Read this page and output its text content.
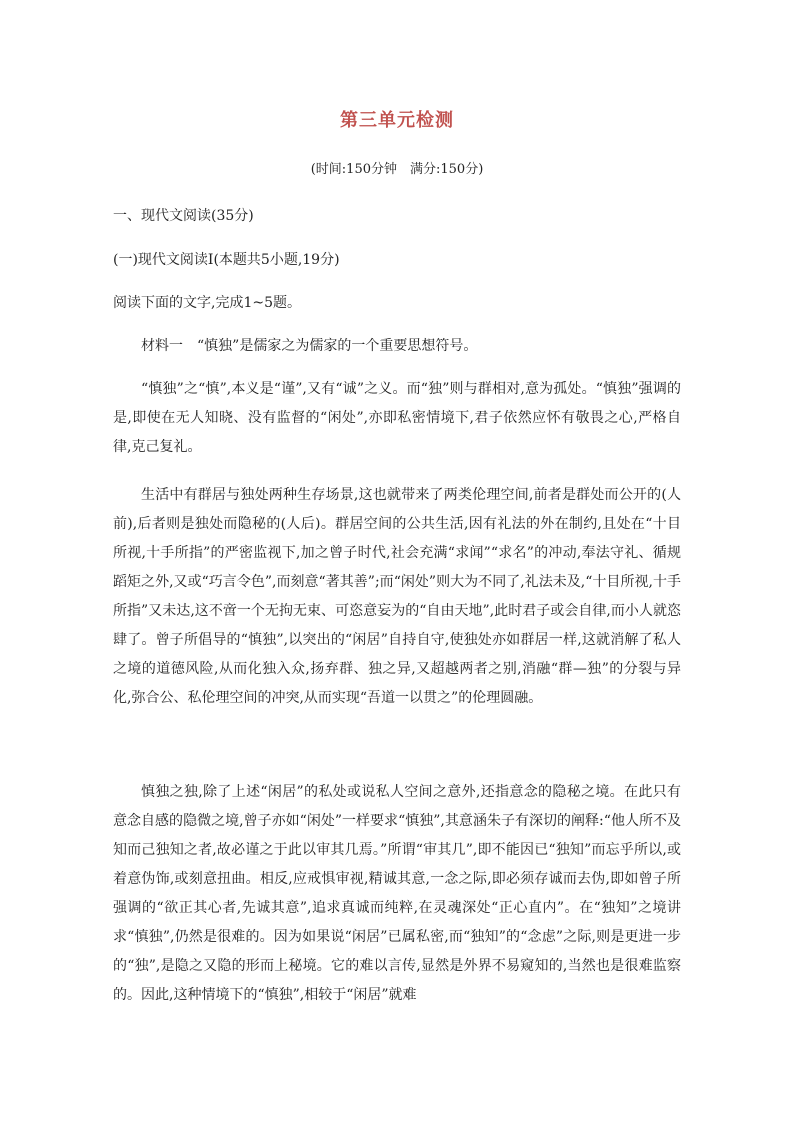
第三单元检测
(时间:150分钟　满分:150分)
一、现代文阅读(35分)
(一)现代文阅读Ⅰ(本题共5小题,19分)
阅读下面的文字,完成1~5题。
材料一　“慎独”是儒家之为儒家的一个重要思想符号。
“慎独”之“慎”,本义是“谨”,又有“诚”之义。而“独”则与群相对,意为孤处。“慎独”强调的是,即使在无人知晓、没有监督的“闲处”,亦即私密情境下,君子依然应怀有敬畏之心,严格自律,克己复礼。
生活中有群居与独处两种生存场景,这也就带来了两类伦理空间,前者是群处而公开的(人前),后者则是独处而隐秘的(人后)。群居空间的公共生活,因有礼法的外在制约,且处在“十目所视,十手所指”的严密监视下,加之曾子时代,社会充满“求闻”“求名”的冲动,奉法守礼、循规蹈矩之外,又或“巧言令色”,而刻意“著其善”;而“闲处”则大为不同了,礼法未及,“十目所视,十手所指”又未达,这不啻一个无拘无束、可恣意妄为的“自由天地”,此时君子或会自律,而小人就恣肆了。曾子所倡导的“慎独”,以突出的“闲居”自持自守,使独处亦如群居一样,这就消解了私人之境的道德风险,从而化独入众,扬弃群、独之异,又超越两者之别,消融“群—独”的分裂与异化,弥合公、私伦理空间的冲突,从而实现“吾道一以贯之”的伦理圆融。
慎独之独,除了上述“闲居”的私处或说私人空间之意外,还指意念的隐秘之境。在此只有意念自感的隐微之境,曾子亦如“闲处”一样要求“慎独”,其意涵朱子有深切的阐释:“他人所不及知而己独知之者,故必谨之于此以审其几焉。”所谓“审其几”,即不能因已“独知”而忘乎所以,或着意伪饰,或刻意扭曲。相反,应戒惧审视,精诚其意,一念之际,即必须存诚而去伪,即如曾子所强调的“欲正其心者,先诚其意”,追求真诚而纯粹,在灵魂深处“正心直内”。在“独知”之境讲求“慎独”,仍然是很难的。因为如果说“闲居”已属私密,而“独知”的“念虑”之际,则是更进一步的“独”,是隐之又隐的形而上秘境。它的难以言传,显然是外界不易窥知的,当然也是很难监察的。因此,这种情境下的“慎独”,相较于“闲居”就难
